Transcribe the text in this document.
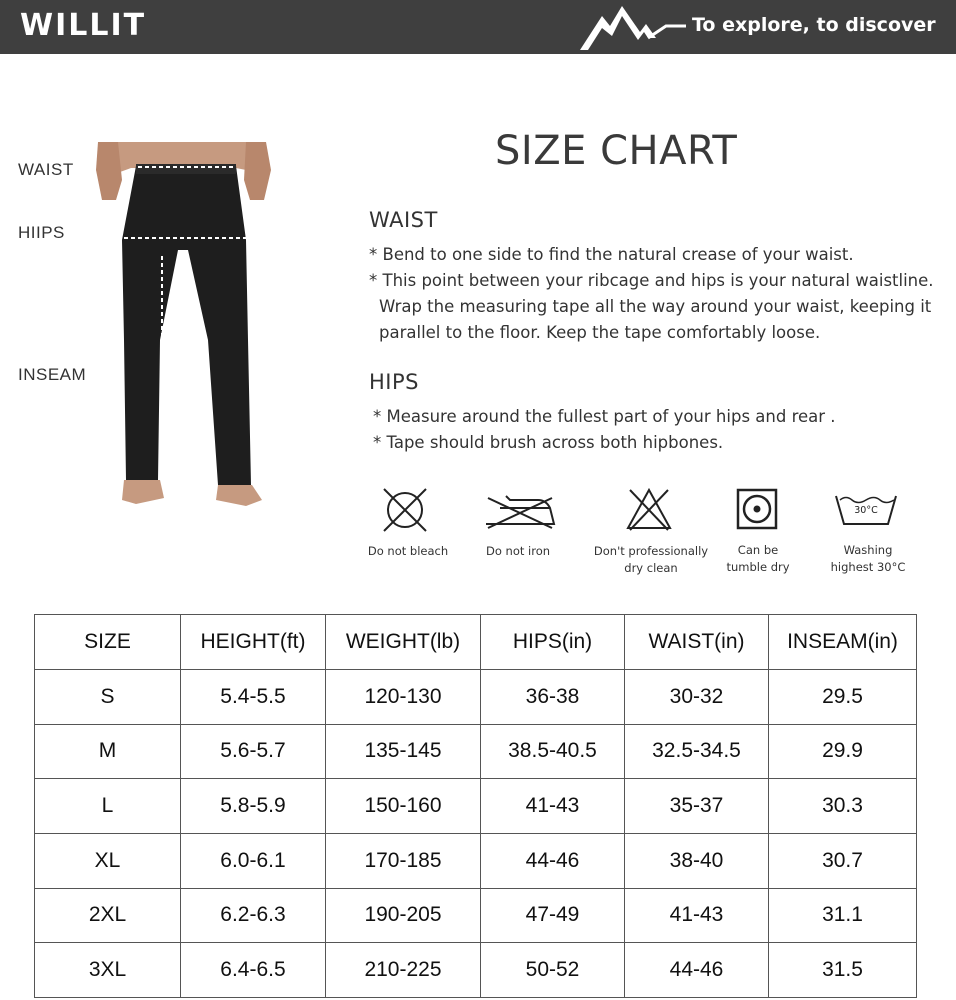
WILLIT	To explore, to discover
WAIST
HIIPS
INSEAM
SIZE CHART
WAIST
* Bend to one side to find the natural crease of your waist.
* This point between your ribcage and hips is your natural waistline.
Wrap the measuring tape all the way around your waist, keeping it
parallel to the floor. Keep the tape comfortably loose.
HIPS
* Measure around the fullest part of your hips and rear .
* Tape should brush across both hipbones.
30°C
Do not bleach	Do not iron	Don't professionally
dry clean
Can be
tumble dry
Washing
highest 30°C
SIZE	HEIGHT(ft)	WEIGHT(lb)	HIPS(in)	WAIST(in)	INSEAM(in)
S	5.4-5.5	120-130	36-38	30-32	29.5
M	5.6-5.7	135-145	38.5-40.5	32.5-34.5	29.9
L	5.8-5.9	150-160	41-43	35-37	30.3
XL	6.0-6.1	170-185	44-46	38-40	30.7
2XL	6.2-6.3	190-205	47-49	41-43	31.1
3XL	6.4-6.5	210-225	50-52	44-46	31.5
